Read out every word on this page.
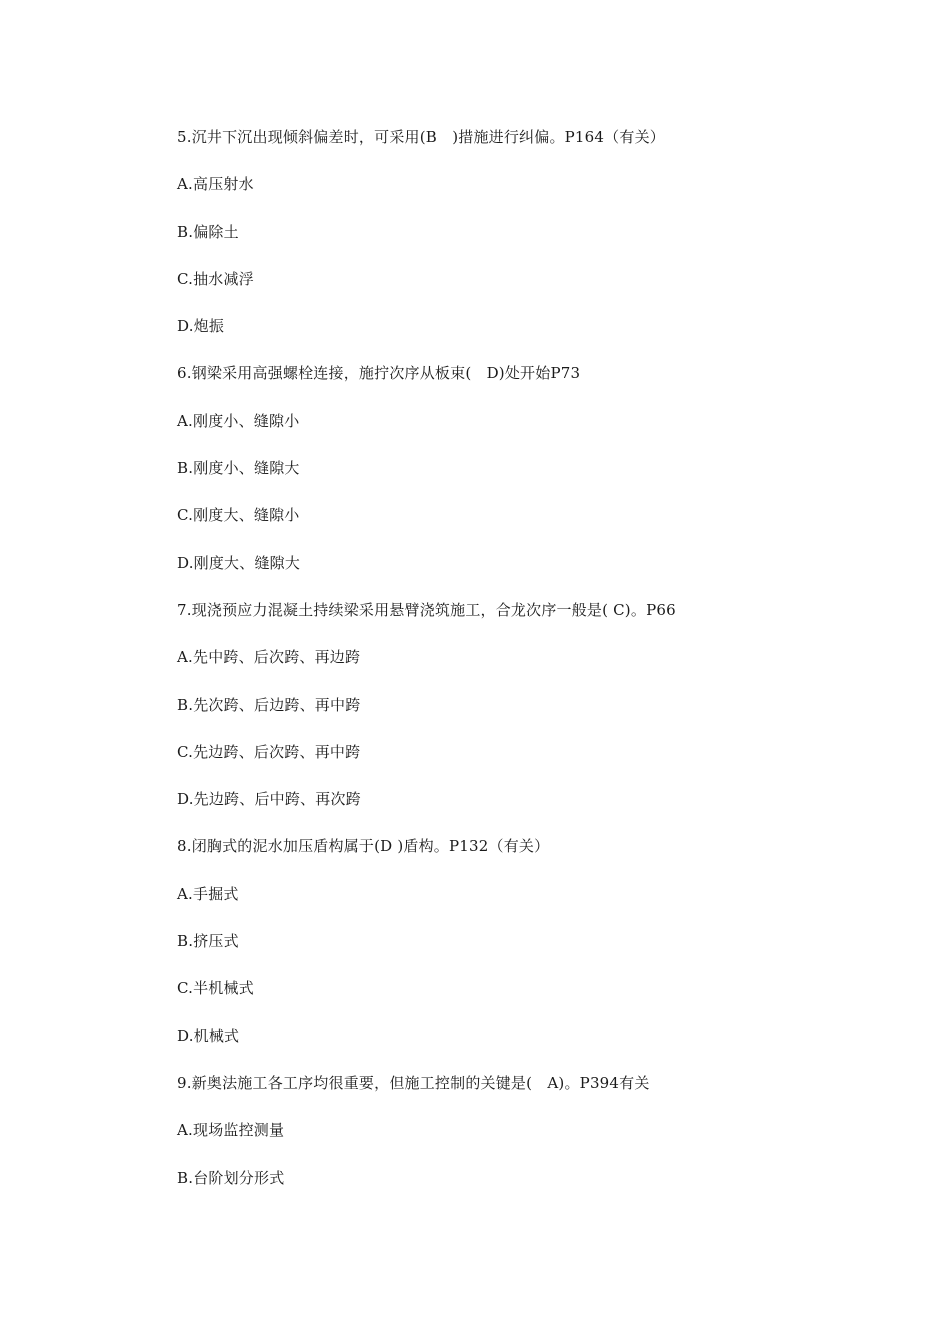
5.沉井下沉出现倾斜偏差时，可采用(B　)措施进行纠偏。P164（有关）
A.高压射水
B.偏除土
C.抽水减浮
D.炮振
6.钢梁采用高强螺栓连接，施拧次序从板束(　D)处开始P73
A.刚度小、缝隙小
B.刚度小、缝隙大
C.刚度大、缝隙小
D.刚度大、缝隙大
7.现浇预应力混凝土持续梁采用悬臂浇筑施工，合龙次序一般是( C)。P66
A.先中跨、后次跨、再边跨
B.先次跨、后边跨、再中跨
C.先边跨、后次跨、再中跨
D.先边跨、后中跨、再次跨
8.闭胸式的泥水加压盾构属于(D )盾构。P132（有关）
A.手掘式
B.挤压式
C.半机械式
D.机械式
9.新奥法施工各工序均很重要，但施工控制的关键是(　A)。P394有关
A.现场监控测量
B.台阶划分形式
